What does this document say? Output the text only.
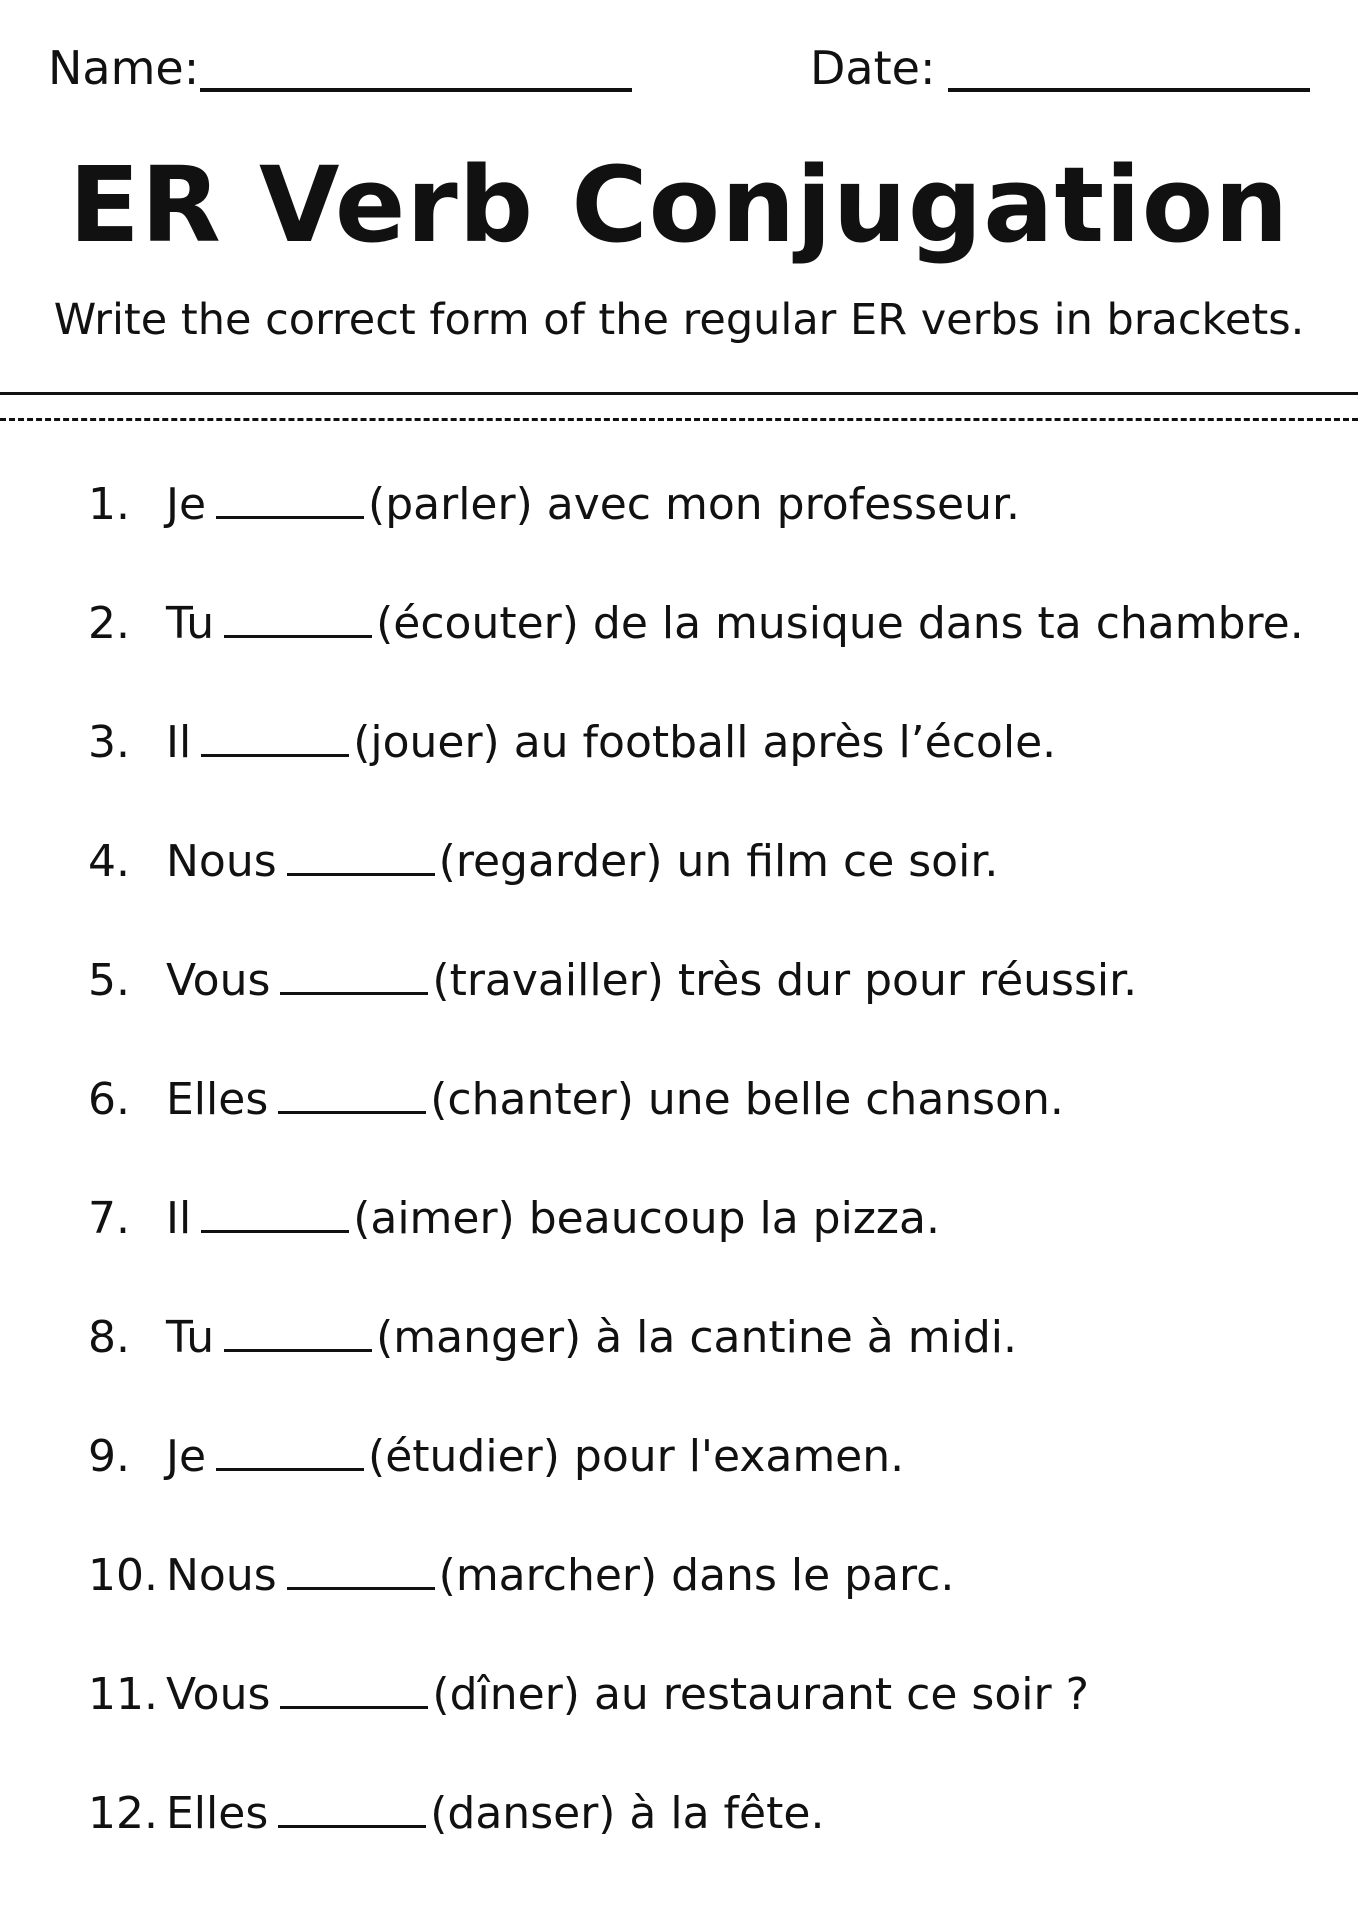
Name:	Date:
ER Verb Conjugation
Write the correct form of the regular ER verbs in brackets.
1. Je	(parler) avec mon professeur.
2. Tu	(écouter) de la musique dans ta chambre.
3. Il	(jouer) au football après l’école.
4. Nous	(regarder) un film ce soir.
5. Vous	(travailler) très dur pour réussir.
6. Elles	(chanter) une belle chanson.
7. Il	(aimer) beaucoup la pizza.
8. Tu	(manger) à la cantine à midi.
9. Je	(étudier) pour l'examen.
10. Nous	(marcher) dans le parc.
11. Vous	(dîner) au restaurant ce soir ?
12. Elles	(danser) à la fête.
